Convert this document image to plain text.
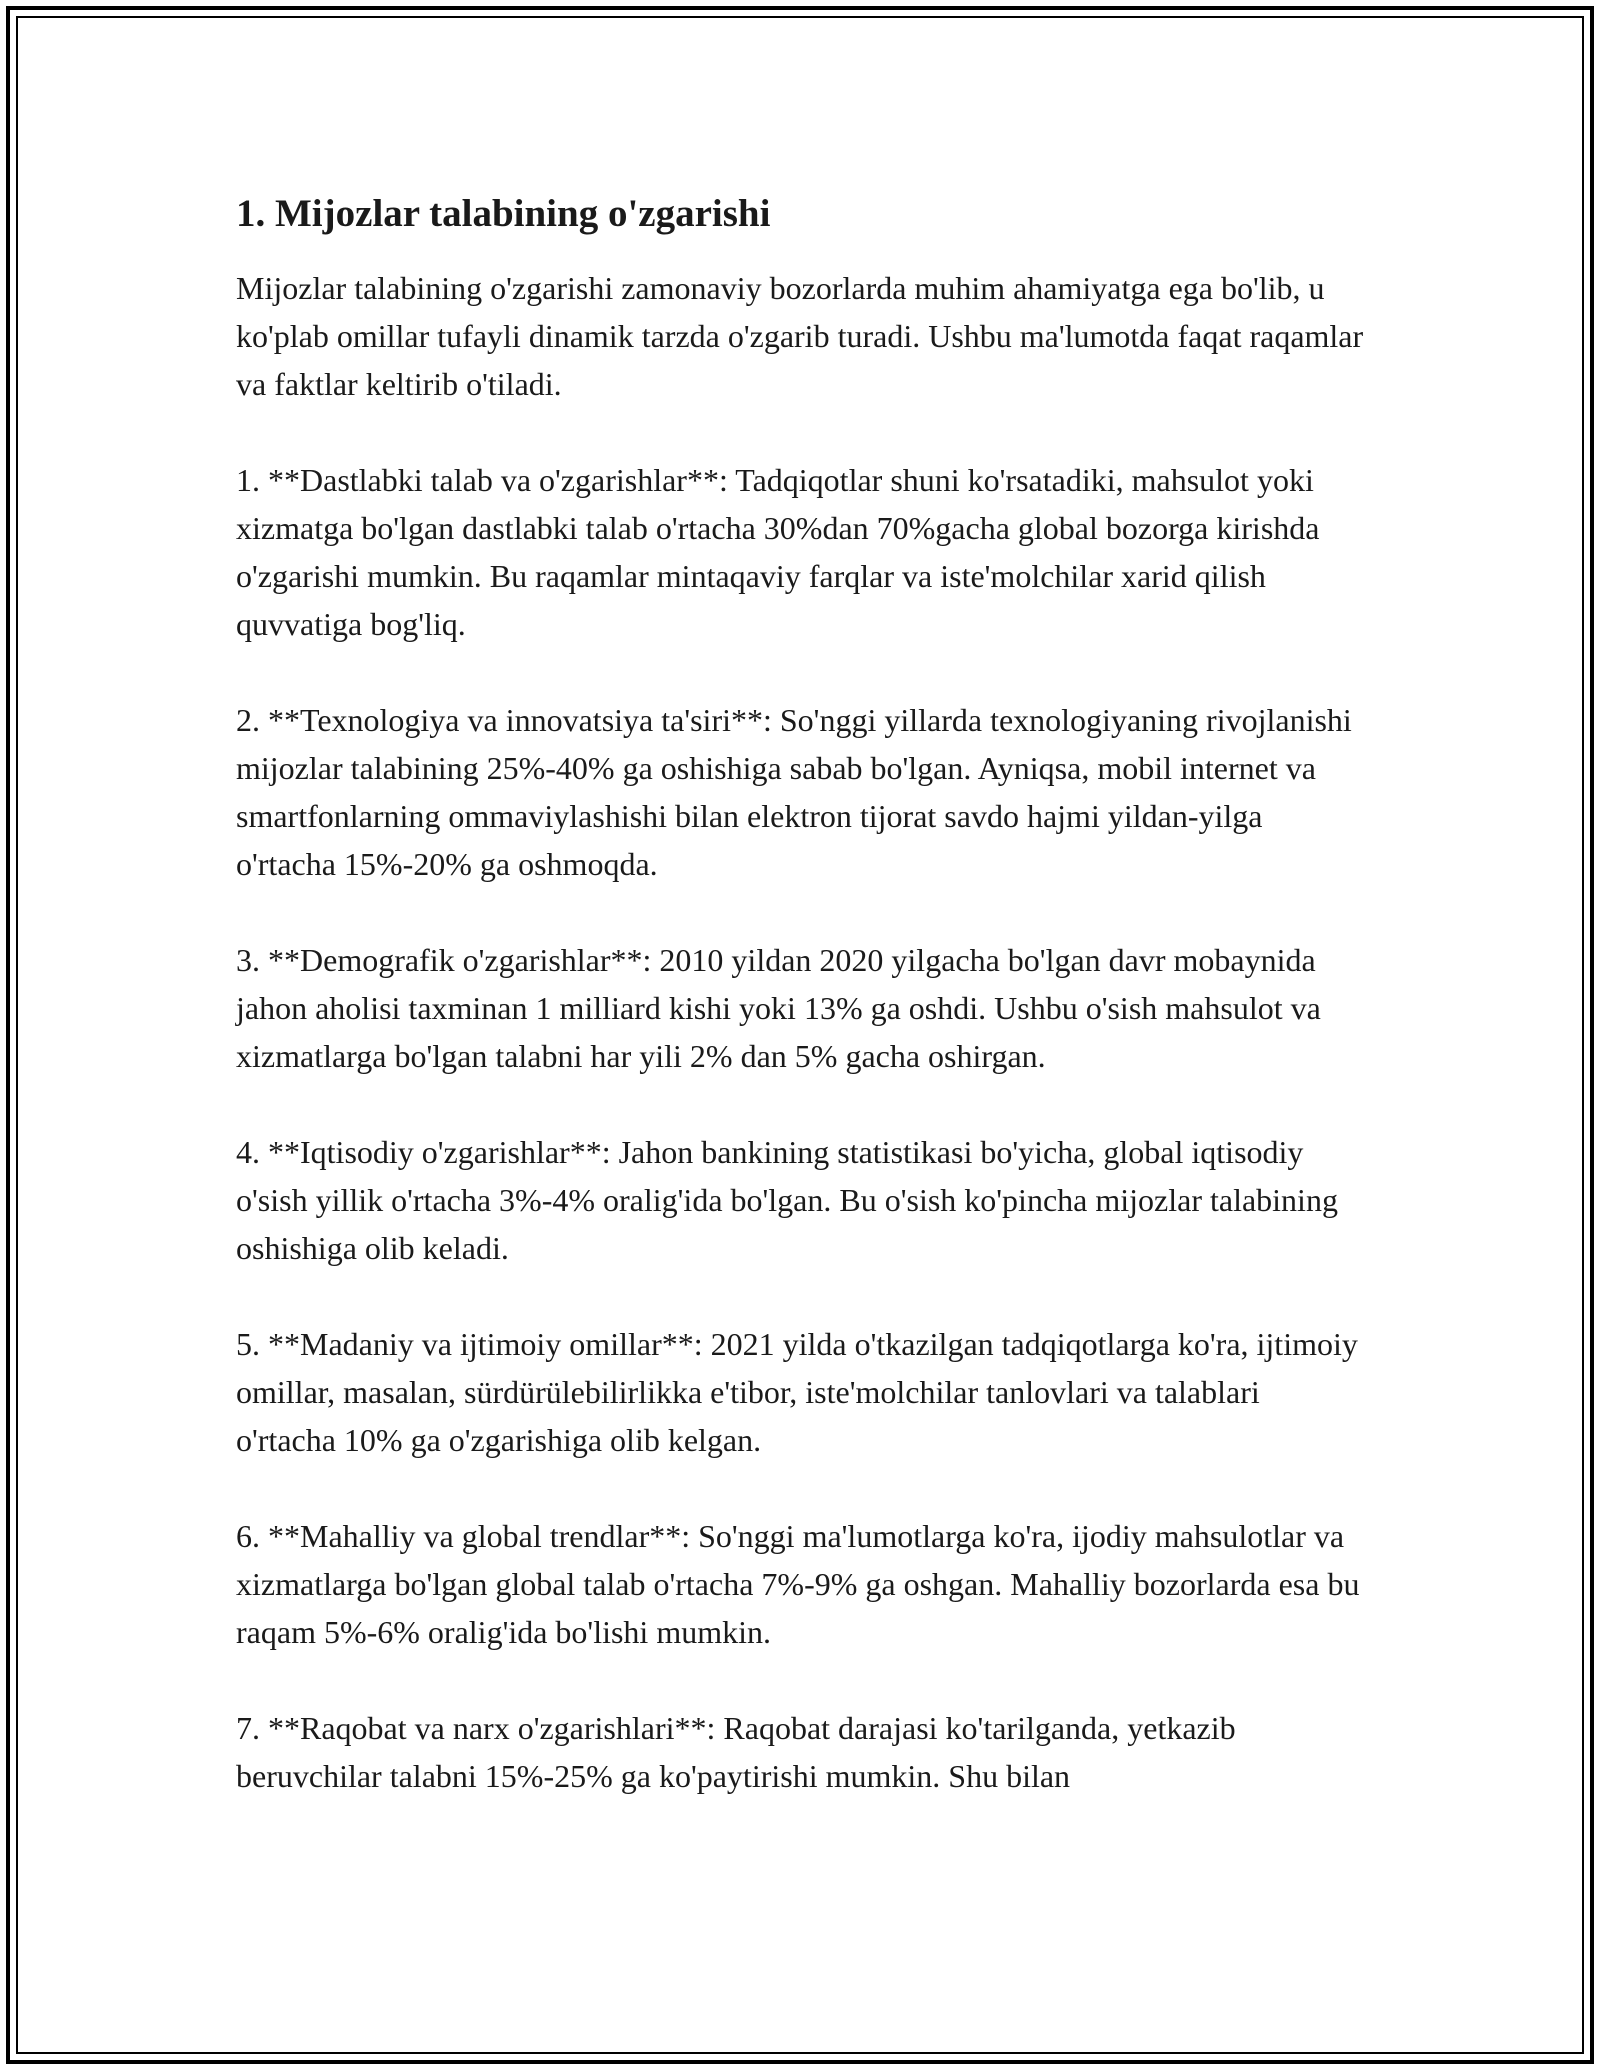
1. Mijozlar talabining o'zgarishi

Mijozlar talabining o'zgarishi zamonaviy bozorlarda muhim ahamiyatga ega bo'lib, u ko'plab omillar tufayli dinamik tarzda o'zgarib turadi. Ushbu ma'lumotda faqat raqamlar va faktlar keltirib o'tiladi.

1. **Dastlabki talab va o'zgarishlar**: Tadqiqotlar shuni ko'rsatadiki, mahsulot yoki xizmatga bo'lgan dastlabki talab o'rtacha 30%dan 70%gacha global bozorga kirishda o'zgarishi mumkin. Bu raqamlar mintaqaviy farqlar va iste'molchilar xarid qilish quvvatiga bog'liq.

2. **Texnologiya va innovatsiya ta'siri**: So'nggi yillarda texnologiyaning rivojlanishi mijozlar talabining 25%-40% ga oshishiga sabab bo'lgan. Ayniqsa, mobil internet va smartfonlarning ommaviylashishi bilan elektron tijorat savdo hajmi yildan-yilga o'rtacha 15%-20% ga oshmoqda.

3. **Demografik o'zgarishlar**: 2010 yildan 2020 yilgacha bo'lgan davr mobaynida jahon aholisi taxminan 1 milliard kishi yoki 13% ga oshdi. Ushbu o'sish mahsulot va xizmatlarga bo'lgan talabni har yili 2% dan 5% gacha oshirgan.

4. **Iqtisodiy o'zgarishlar**: Jahon bankining statistikasi bo'yicha, global iqtisodiy o'sish yillik o'rtacha 3%-4% oralig'ida bo'lgan. Bu o'sish ko'pincha mijozlar talabining oshishiga olib keladi.

5. **Madaniy va ijtimoiy omillar**: 2021 yilda o'tkazilgan tadqiqotlarga ko'ra, ijtimoiy omillar, masalan, sürdürülebilirlikka e'tibor, iste'molchilar tanlovlari va talablari o'rtacha 10% ga o'zgarishiga olib kelgan.

6. **Mahalliy va global trendlar**: So'nggi ma'lumotlarga ko'ra, ijodiy mahsulotlar va xizmatlarga bo'lgan global talab o'rtacha 7%-9% ga oshgan. Mahalliy bozorlarda esa bu raqam 5%-6% oralig'ida bo'lishi mumkin.

7. **Raqobat va narx o'zgarishlari**: Raqobat darajasi ko'tarilganda, yetkazib beruvchilar talabni 15%-25% ga ko'paytirishi mumkin. Shu bilan
